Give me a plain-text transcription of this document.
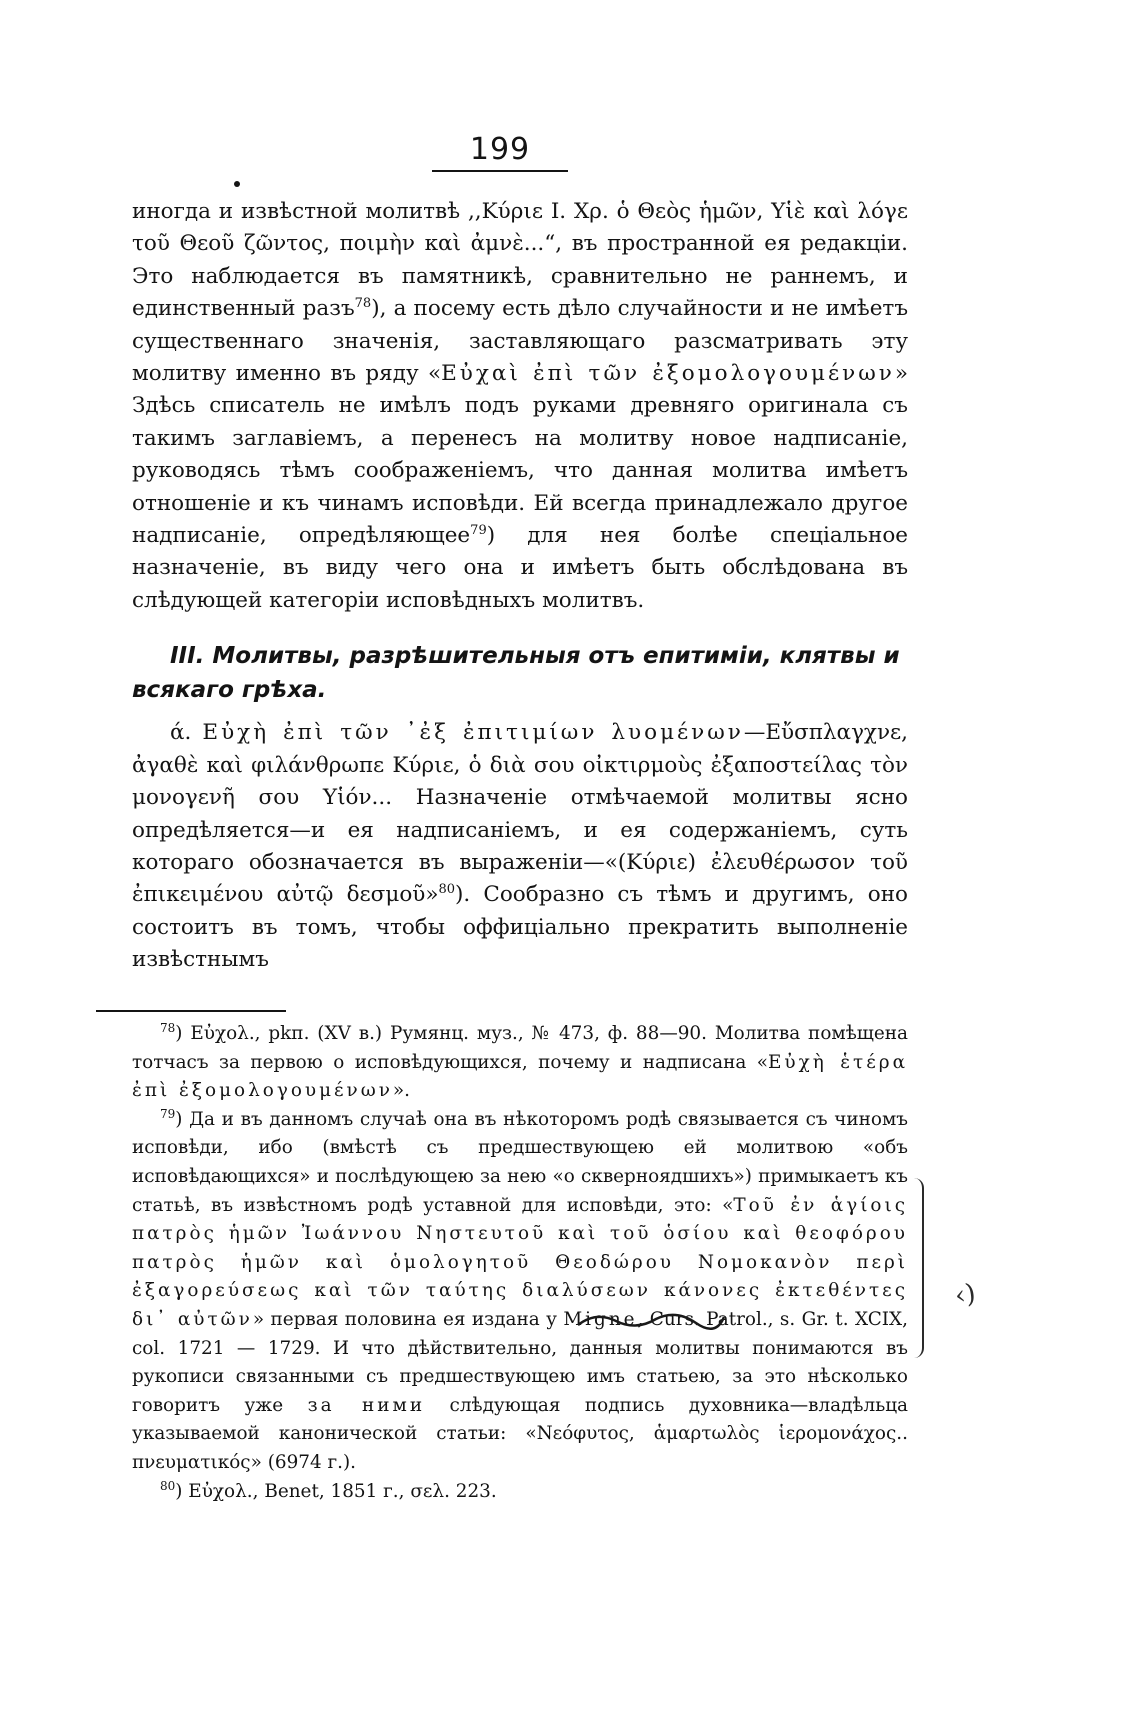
199

иногда и извѣстной молитвѣ ,,Κύριε Ι. Χρ. ὁ Θεὸς ἡμῶν, Υἱὲ καὶ λόγε τοῦ Θεοῦ ζῶντος, ποιμὴν καὶ ἀμνὲ...“, въ пространной ея редакціи. Это наблюдается въ памятникѣ, сравнительно не раннемъ, и единственный разъ$^{78}$), а посему есть дѣло случайности и не имѣетъ существеннаго значенія, заставляющаго разсматривать эту молитву именно въ ряду «Εὐχαὶ ἐπὶ τῶν ἐξομολογουμένων» Здѣсь списатель не имѣлъ подъ руками древняго оригинала съ такимъ заглавіемъ, а перенесъ на молитву новое надписаніе, руководясь тѣмъ соображеніемъ, что данная молитва имѣетъ отношеніе и къ чинамъ исповѣди. Ей всегда принадлежало другое надписаніе, опредѣляющее$^{79}$) для нея болѣе спеціальное назначеніе, въ виду чего она и имѣетъ быть обслѣдована въ слѣдующей категоріи исповѣдныхъ молитвъ.

III. Молитвы, разрѣшительныя отъ епитиміи, клятвы и всякаго грѣха.

ά. Εὐχὴ ἐπὶ τῶν ᾽ἐξ ἐπιτιμίων λυομένων—Εὔσπλαγχνε, ἀγαθὲ καὶ φιλάνθρωπε Κύριε, ὁ διὰ σου οἰκτιρμοὺς ἐξαποστείλας τὸν μονογενῆ σου Υἱόν... Назначеніе отмѣчаемой молитвы ясно опредѣляется—и ея надписаніемъ, и ея содержаніемъ, суть котораго обозначается въ выраженіи—«(Κύριε) ἐλευθέρωσον τοῦ ἐπικειμένου αὐτῷ δεσμοῦ»$^{80}$). Сообразно съ тѣмъ и другимъ, оно состоитъ въ томъ, чтобы оффиціально прекратить выполненіе извѣстнымъ

$^{78}$) Εὐχολ., рkп. (XV в.) Румянц. муз., № 473, ф. 88—90. Молитва помѣщена тотчасъ за первою о исповѣдующихся, почему и надписана «Εὐχὴ ἑτέρα ἐπὶ ἐξομολογουμένων».

$^{79}$) Да и въ данномъ случаѣ она въ нѣкоторомъ родѣ связывается съ чиномъ исповѣди, ибо (вмѣстѣ съ предшествующею ей молитвою «объ исповѣдающихся» и послѣдующею за нею «о скверноядшихъ») примыкаетъ къ статьѣ, въ извѣстномъ родѣ уставной для исповѣди, это: «Τοῦ ἐν ἁγίοις πατρὸς ἡμῶν Ἰωάννου Νηστευτοῦ καὶ τοῦ ὁσίου καὶ θεοφόρου πατρὸς ἡμῶν καὶ ὁμολογητοῦ Θεοδώρου Νομοκανὸν περὶ ἐξαγορεύσεως καὶ τῶν ταύτης διαλύσεων κάνονες ἐκτεθέντες δι᾽ αὐτῶν» первая половина ея издана у Migne, Curs. Patrol., s. Gr. t. XCIX, col. 1721 — 1729. И что дѣйствительно, данныя молитвы понимаются въ рукописи связанными съ предшествующею имъ статьею, за это нѣсколько говоритъ уже за ними слѣдующая подпись духовника—владѣльца указываемой канонической статьи: «Νεόφυτος, ἁμαρτωλὸς ἱερομονάχος.. πνευματικός» (6974 г.).

$^{80}$) Εὐχολ., Benet, 1851 г., σελ. 223.

‹)
